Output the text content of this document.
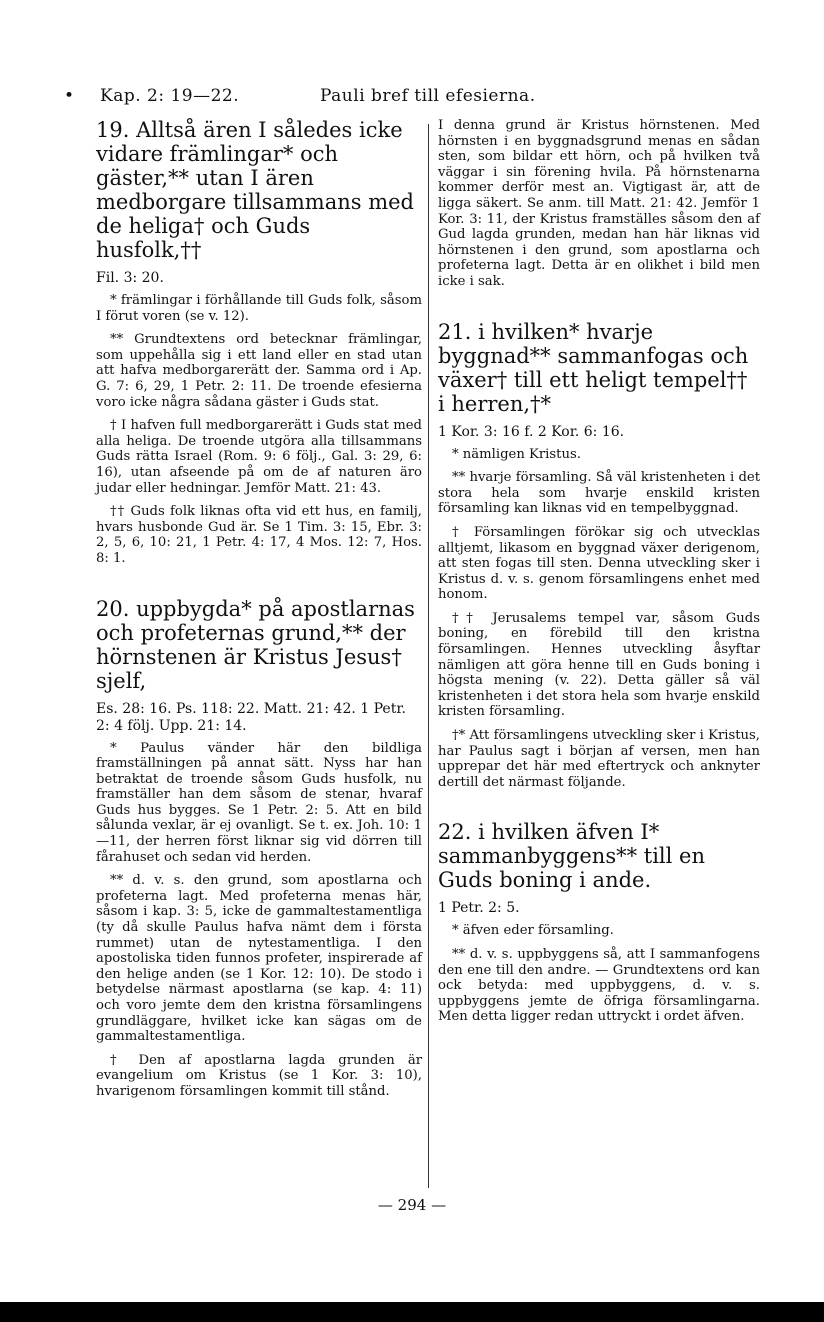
• Kap. 2: 19—22.	Pauli bref till efesierna.

19. Alltså ären I således icke vidare främlingar* och gäster,** utan I ären medborgare tillsammans med de heliga† och Guds husfolk,††

Fil. 3: 20.

* främlingar i förhållande till Guds folk, såsom I förut voren (se v. 12).

** Grundtextens ord betecknar främlingar, som uppehålla sig i ett land eller en stad utan att hafva medborgarerätt der. Samma ord i Ap. G. 7: 6, 29, 1 Petr. 2: 11. De troende efesierna voro icke några sådana gäster i Guds stat.

† I hafven full medborgarerätt i Guds stat med alla heliga. De troende utgöra alla tillsammans Guds rätta Israel (Rom. 9: 6 följ., Gal. 3: 29, 6: 16), utan afseende på om de af naturen äro judar eller hedningar. Jemför Matt. 21: 43.

†† Guds folk liknas ofta vid ett hus, en familj, hvars husbonde Gud är. Se 1 Tim. 3: 15, Ebr. 3: 2, 5, 6, 10: 21, 1 Petr. 4: 17, 4 Mos. 12: 7, Hos. 8: 1.

20. uppbygda* på apostlarnas och profeternas grund,** der hörnstenen är Kristus Jesus† sjelf,

Es. 28: 16. Ps. 118: 22. Matt. 21: 42. 1 Petr. 2: 4 följ. Upp. 21: 14.

* Paulus vänder här den bildliga framställningen på annat sätt. Nyss har han betraktat de troende såsom Guds husfolk, nu framställer han dem såsom de stenar, hvaraf Guds hus bygges. Se 1 Petr. 2: 5. Att en bild sålunda vexlar, är ej ovanligt. Se t. ex. Joh. 10: 1—11, der herren först liknar sig vid dörren till fårahuset och sedan vid herden.

** d. v. s. den grund, som apostlarna och profeterna lagt. Med profeterna menas här, såsom i kap. 3: 5, icke de gammaltestamentliga (ty då skulle Paulus hafva nämt dem i första rummet) utan de nytestamentliga. I den apostoliska tiden funnos profeter, inspirerade af den helige anden (se 1 Kor. 12: 10). De stodo i betydelse närmast apostlarna (se kap. 4: 11) och voro jemte dem den kristna församlingens grundläggare, hvilket icke kan sägas om de gammaltestamentliga.

† Den af apostlarna lagda grunden är evangelium om Kristus (se 1 Kor. 3: 10), hvarigenom församlingen kommit till stånd.

I denna grund är Kristus hörnstenen. Med hörnsten i en byggnadsgrund menas en sådan sten, som bildar ett hörn, och på hvilken två väggar i sin förening hvila. På hörnstenarna kommer derför mest an. Vigtigast är, att de ligga säkert. Se anm. till Matt. 21: 42. Jemför 1 Kor. 3: 11, der Kristus framställes såsom den af Gud lagda grunden, medan han här liknas vid hörnstenen i den grund, som apostlarna och profeterna lagt. Detta är en olikhet i bild men icke i sak.

21. i hvilken* hvarje byggnad** sammanfogas och växer† till ett heligt tempel†† i herren,†*

1 Kor. 3: 16 f. 2 Kor. 6: 16.

* nämligen Kristus.

** hvarje församling. Så väl kristenheten i det stora hela som hvarje enskild kristen församling kan liknas vid en tempelbyggnad.

† Församlingen förökar sig och utvecklas alltjemt, likasom en byggnad växer derigenom, att sten fogas till sten. Denna utveckling sker i Kristus d. v. s. genom församlingens enhet med honom.

†† Jerusalems tempel var, såsom Guds boning, en förebild till den kristna församlingen. Hennes utveckling åsyftar nämligen att göra henne till en Guds boning i högsta mening (v. 22). Detta gäller så väl kristenheten i det stora hela som hvarje enskild kristen församling.

†* Att församlingens utveckling sker i Kristus, har Paulus sagt i början af versen, men han upprepar det här med eftertryck och anknyter dertill det närmast följande.

22. i hvilken äfven I* sammanbyggens** till en Guds boning i ande.

1 Petr. 2: 5.

* äfven eder församling.

** d. v. s. uppbyggens så, att I sammanfogens den ene till den andre. — Grundtextens ord kan ock betyda: med uppbyggens, d. v. s. uppbyggens jemte de öfriga församlingarna. Men detta ligger redan uttryckt i ordet äfven.

— 294 —
